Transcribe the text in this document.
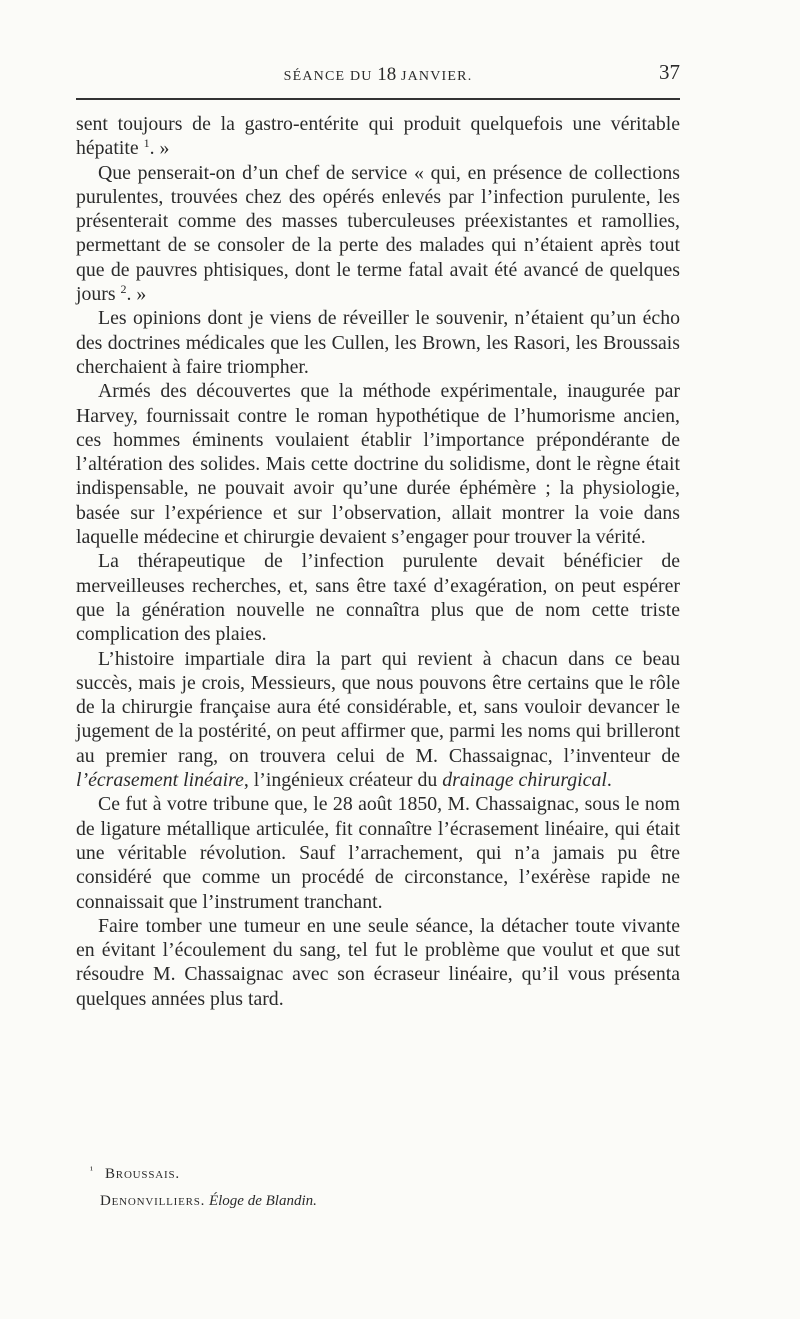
SÉANCE DU 18 JANVIER.	37

sent toujours de la gastro-entérite qui produit quelquefois une véritable hépatite $^1$. »

Que penserait-on d’un chef de service « qui, en présence de collections purulentes, trouvées chez des opérés enlevés par l’infection purulente, les présenterait comme des masses tuberculeuses préexistantes et ramollies, permettant de se consoler de la perte des malades qui n’étaient après tout que de pauvres phtisiques, dont le terme fatal avait été avancé de quelques jours $^2$. »

Les opinions dont je viens de réveiller le souvenir, n’étaient qu’un écho des doctrines médicales que les Cullen, les Brown, les Rasori, les Broussais cherchaient à faire triompher.

Armés des découvertes que la méthode expérimentale, inaugurée par Harvey, fournissait contre le roman hypothétique de l’humorisme ancien, ces hommes éminents voulaient établir l’importance prépondérante de l’altération des solides. Mais cette doctrine du solidisme, dont le règne était indispensable, ne pouvait avoir qu’une durée éphémère ; la physiologie, basée sur l’expérience et sur l’observation, allait montrer la voie dans laquelle médecine et chirurgie devaient s’engager pour trouver la vérité.

La thérapeutique de l’infection purulente devait bénéficier de merveilleuses recherches, et, sans être taxé d’exagération, on peut espérer que la génération nouvelle ne connaîtra plus que de nom cette triste complication des plaies.

L’histoire impartiale dira la part qui revient à chacun dans ce beau succès, mais je crois, Messieurs, que nous pouvons être certains que le rôle de la chirurgie française aura été considérable, et, sans vouloir devancer le jugement de la postérité, on peut affirmer que, parmi les noms qui brilleront au premier rang, on trouvera celui de M. Chassaignac, l’inventeur de l’écrasement linéaire, l’ingénieux créateur du drainage chirurgical.

Ce fut à votre tribune que, le 28 août 1850, M. Chassaignac, sous le nom de ligature métallique articulée, fit connaître l’écrasement linéaire, qui était une véritable révolution. Sauf l’arrachement, qui n’a jamais pu être considéré que comme un procédé de circonstance, l’exérèse rapide ne connaissait que l’instrument tranchant.

Faire tomber une tumeur en une seule séance, la détacher toute vivante en évitant l’écoulement du sang, tel fut le problème que voulut et que sut résoudre M. Chassaignac avec son écraseur linéaire, qu’il vous présenta quelques années plus tard.

$^{^1}$ Broussais.
Denonvilliers. Éloge de Blandin.
